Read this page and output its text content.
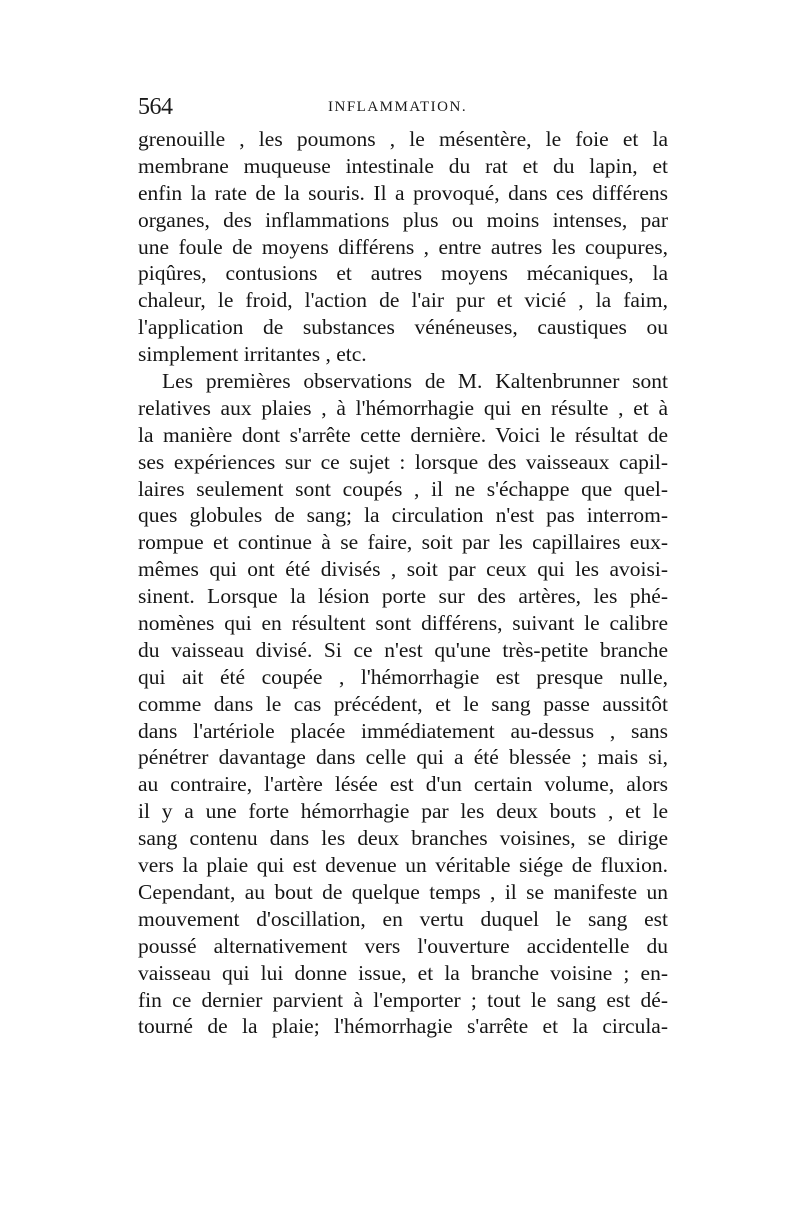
564	INFLAMMATION.
grenouille , les poumons , le mésentère, le foie et la
membrane muqueuse intestinale du rat et du lapin, et
enfin la rate de la souris. Il a provoqué, dans ces différens
organes, des inflammations plus ou moins intenses, par
une foule de moyens différens , entre autres les coupures,
piqûres, contusions et autres moyens mécaniques, la
chaleur, le froid, l'action de l'air pur et vicié , la faim,
l'application de substances vénéneuses, caustiques ou
simplement irritantes , etc.
Les premières observations de M. Kaltenbrunner sont
relatives aux plaies , à l'hémorrhagie qui en résulte , et à
la manière dont s'arrête cette dernière. Voici le résultat de
ses expériences sur ce sujet : lorsque des vaisseaux capil-
laires seulement sont coupés , il ne s'échappe que quel-
ques globules de sang; la circulation n'est pas interrom-
rompue et continue à se faire, soit par les capillaires eux-
mêmes qui ont été divisés , soit par ceux qui les avoisi-
sinent. Lorsque la lésion porte sur des artères, les phé-
nomènes qui en résultent sont différens, suivant le calibre
du vaisseau divisé. Si ce n'est qu'une très-petite branche
qui ait été coupée , l'hémorrhagie est presque nulle,
comme dans le cas précédent, et le sang passe aussitôt
dans l'artériole placée immédiatement au-dessus , sans
pénétrer davantage dans celle qui a été blessée ; mais si,
au contraire, l'artère lésée est d'un certain volume, alors
il y a une forte hémorrhagie par les deux bouts , et le
sang contenu dans les deux branches voisines, se dirige
vers la plaie qui est devenue un véritable siége de fluxion.
Cependant, au bout de quelque temps , il se manifeste un
mouvement d'oscillation, en vertu duquel le sang est
poussé alternativement vers l'ouverture accidentelle du
vaisseau qui lui donne issue, et la branche voisine ; en-
fin ce dernier parvient à l'emporter ; tout le sang est dé-
tourné de la plaie; l'hémorrhagie s'arrête et la circula-
